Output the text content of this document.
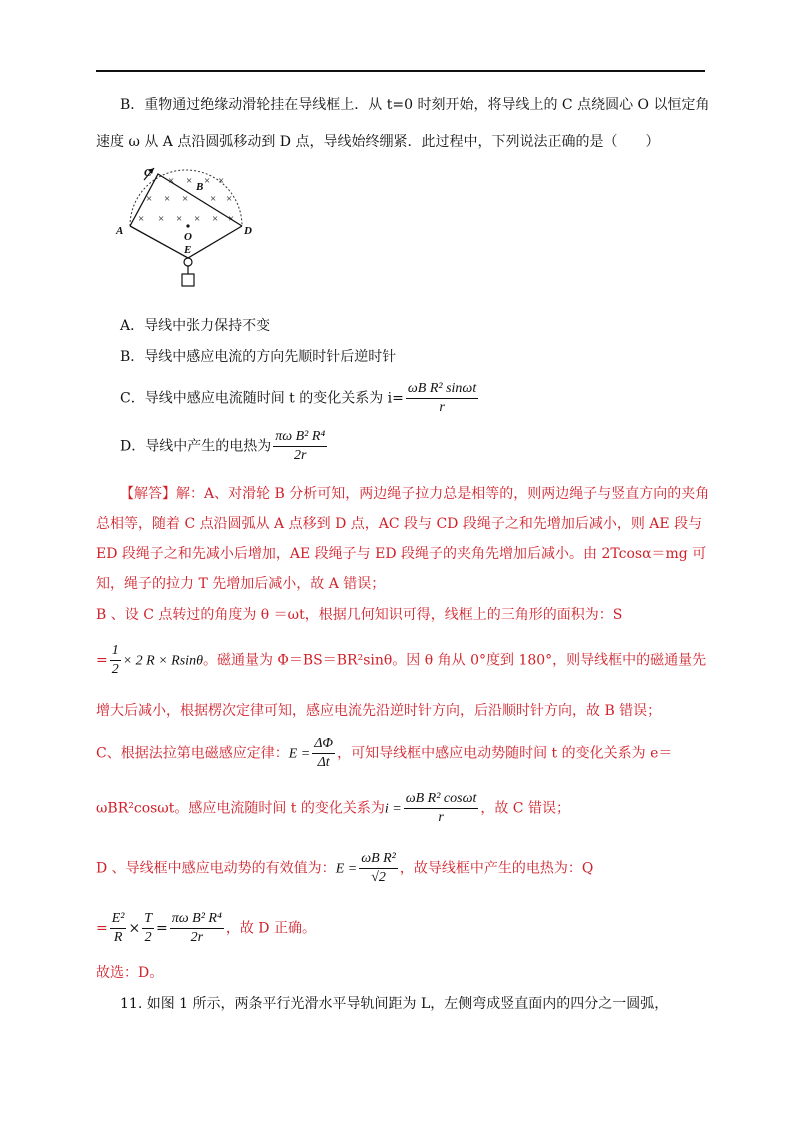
B．重物通过绝缘动滑轮挂在导线框上．从 t=0 时刻开始，将导线上的 C 点绕圆心 O 以恒定角
速度 ω 从 A 点沿圆弧移动到 D 点，导线始终绷紧．此过程中，下列说法正确的是（　　）
× × × ×
× × × × ×
× × × × × ×
C
B
A	O
E
D
A．导线中张力保持不变
B．导线中感应电流的方向先顺时针后逆时针
C．导线中感应电流随时间 t 的变化关系为 $i= \frac{\text{ωB R² sinωt}}{r}$
D．导线中产生的电热为 $\frac{\text{πω B² R⁴}}{2r}$
【解答】解：A、对滑轮 B 分析可知，两边绳子拉力总是相等的，则两边绳子与竖直方向的夹角
总相等，随着 C 点沿圆弧从 A 点移到 D 点，AC 段与 CD 段绳子之和先增加后减小，则 AE 段与
ED 段绳子之和先减小后增加，AE 段绳子与 ED 段绳子的夹角先增加后减小。由 2Tcosα＝mg 可
知，绳子的拉力 T 先增加后减小，故 A 错误；
B 、设 C 点转过的角度为 θ ＝ωt，根据几何知识可得，线框上的三角形的面积为：S
= $\frac{1}{2} \times 2$ R × Rsinθ。磁通量为 Φ＝BS＝BR²sinθ。因 θ 角从 0°度到 180°，则导线框中的磁通量先
增大后减小，根据楞次定律可知，感应电流先沿逆时针方向，后沿顺时针方向，故 B 错误；
C、根据法拉第电磁感应定律：$E = \frac{\Delta\Phi}{\Delta t}$ ，可知导线框中感应电动势随时间 t 的变化关系为 e＝
ωBR²cosωt。感应电流随时间 t 的变化关系为$i = \frac{\text{ωB R² cosωt}}{r}$ ，故 C 错误；
D 、导线框中感应电动势的有效值为：$E = \frac{\text{ωB R²}}{√2}$ ，故导线框中产生的电热为：Q
= $\frac{\text{E²}}{R} \times \frac{T}{2} = \frac{\text{πω B² R⁴}}{2r}$ ，故 D 正确。
故选：D。
11. 如图 1 所示，两条平行光滑水平导轨间距为 L，左侧弯成竖直面内的四分之一圆弧，
